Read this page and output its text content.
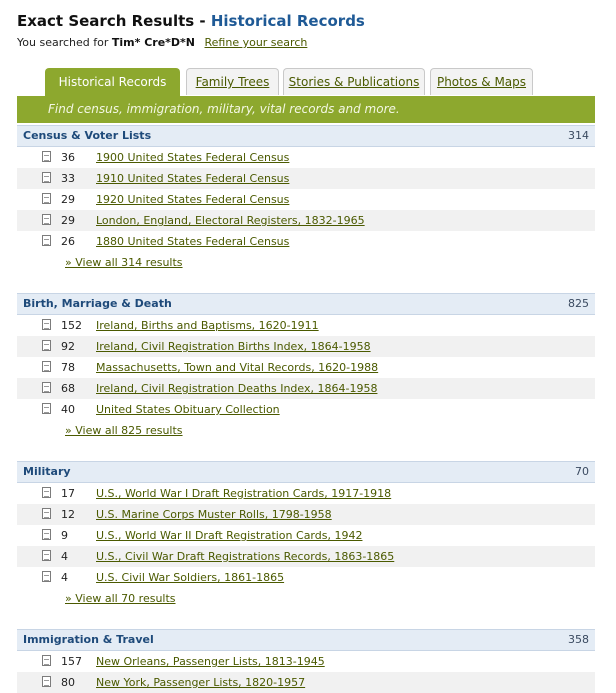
Exact Search Results - Historical Records
You searched for Tim* Cre*D*N Refine your search
Historical Records	Family Trees	Stories & Publications	Photos & Maps
Find census, immigration, military, vital records and more.
Census & Voter Lists	314
36	1900 United States Federal Census
33	1910 United States Federal Census
29	1920 United States Federal Census
29	London, England, Electoral Registers, 1832-1965
26	1880 United States Federal Census
» View all 314 results
Birth, Marriage & Death	825
152	Ireland, Births and Baptisms, 1620-1911
92	Ireland, Civil Registration Births Index, 1864-1958
78	Massachusetts, Town and Vital Records, 1620-1988
68	Ireland, Civil Registration Deaths Index, 1864-1958
40	United States Obituary Collection
» View all 825 results
Military	70
17	U.S., World War I Draft Registration Cards, 1917-1918
12	U.S. Marine Corps Muster Rolls, 1798-1958
9	U.S., World War II Draft Registration Cards, 1942
4	U.S., Civil War Draft Registrations Records, 1863-1865
4	U.S. Civil War Soldiers, 1861-1865
» View all 70 results
Immigration & Travel	358
157	New Orleans, Passenger Lists, 1813-1945
80	New York, Passenger Lists, 1820-1957
